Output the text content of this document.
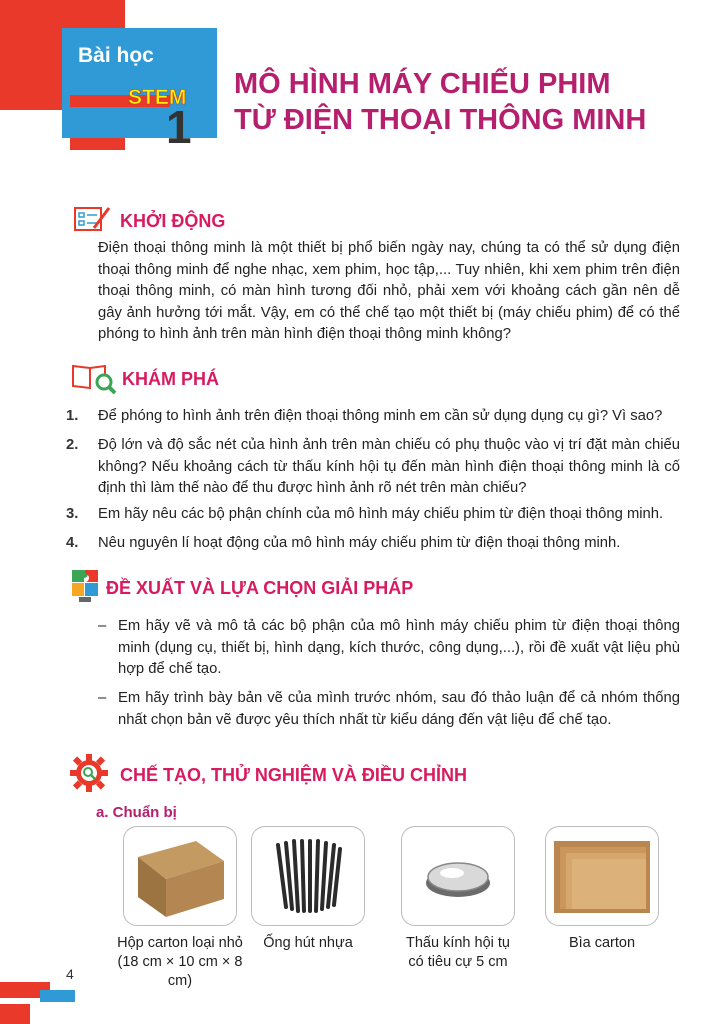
Bài học
STEM
1
MÔ HÌNH MÁY CHIẾU PHIM
TỪ ĐIỆN THOẠI THÔNG MINH
KHỞI ĐỘNG
Điện thoại thông minh là một thiết bị phổ biến ngày nay, chúng ta có thể sử dụng điện thoại thông minh để nghe nhạc, xem phim, học tập,... Tuy nhiên, khi xem phim trên điện thoại thông minh, có màn hình tương đối nhỏ, phải xem với khoảng cách gần nên dễ gây ảnh hưởng tới mắt. Vậy, em có thể chế tạo một thiết bị (máy chiếu phim) để có thể phóng to hình ảnh trên màn hình điện thoại thông minh không?
KHÁM PHÁ
1. Để phóng to hình ảnh trên điện thoại thông minh em cần sử dụng dụng cụ gì? Vì sao?
2. Độ lớn và độ sắc nét của hình ảnh trên màn chiếu có phụ thuộc vào vị trí đặt màn chiếu không? Nếu khoảng cách từ thấu kính hội tụ đến màn hình điện thoại thông minh là cố định thì làm thế nào để thu được hình ảnh rõ nét trên màn chiếu?
3. Em hãy nêu các bộ phận chính của mô hình máy chiếu phim từ điện thoại thông minh.
4. Nêu nguyên lí hoạt động của mô hình máy chiếu phim từ điện thoại thông minh.
ĐỀ XUẤT VÀ LỰA CHỌN GIẢI PHÁP
– Em hãy vẽ và mô tả các bộ phận của mô hình máy chiếu phim từ điện thoại thông minh (dụng cụ, thiết bị, hình dạng, kích thước, công dụng,...), rồi đề xuất vật liệu phù hợp để chế tạo.
– Em hãy trình bày bản vẽ của mình trước nhóm, sau đó thảo luận để cả nhóm thống nhất chọn bản vẽ được yêu thích nhất từ kiểu dáng đến vật liệu để chế tạo.
CHẾ TẠO, THỬ NGHIỆM VÀ ĐIỀU CHỈNH
a. Chuẩn bị
Hộp carton loại nhỏ
(18 cm × 10 cm × 8 cm)
Ống hút nhựa	Thấu kính hội tụ
có tiêu cự 5 cm
Bìa carton
4
